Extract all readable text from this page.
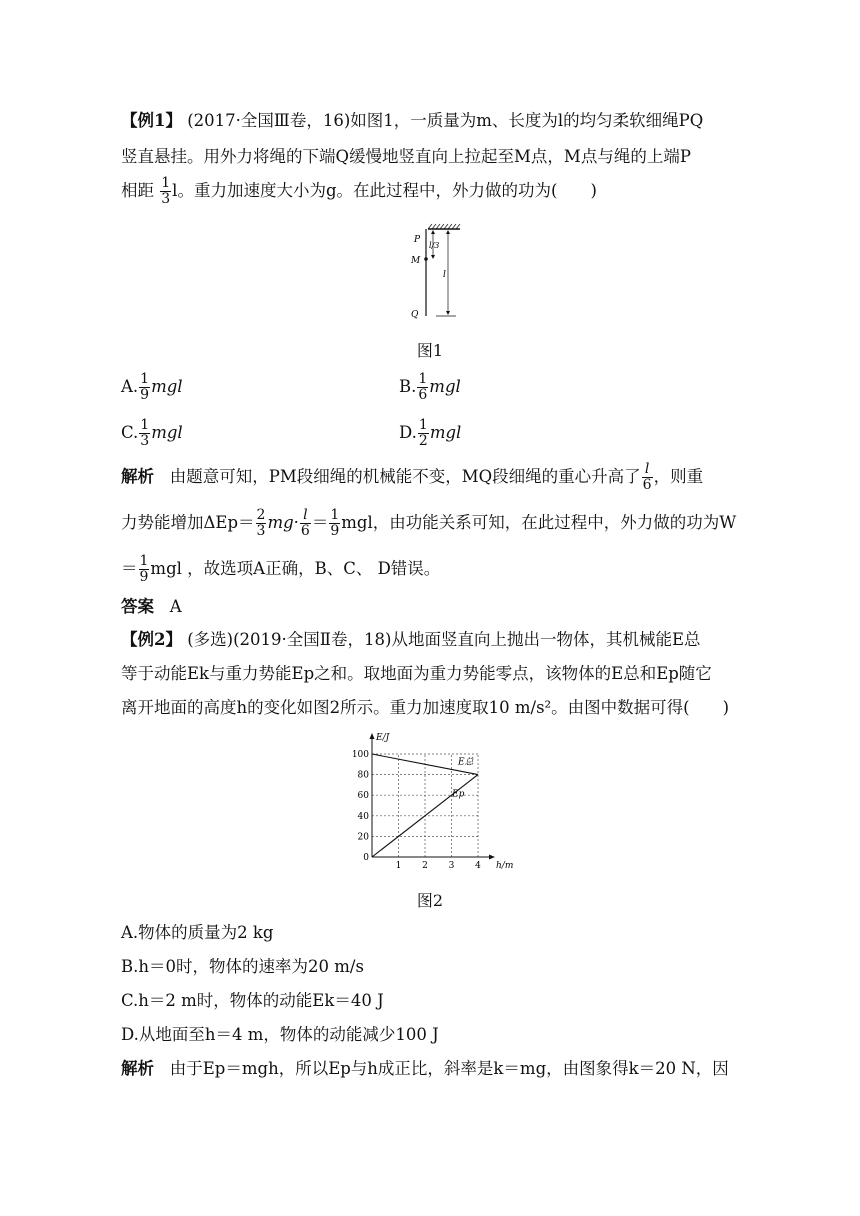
【例1】 (2017·全国Ⅲ卷，16)如图1，一质量为m、长度为l的均匀柔软细绳PQ
竖直悬挂。用外力将绳的下端Q缓慢地竖直向上拉起至M点，M点与绳的上端P
相距 $\frac{1}{3}$ l。重力加速度大小为g。在此过程中，外力做的功为(　　)
P
M
Q
l/3
l
图1
A. $\frac{1}{9}$ mgl	B. $\frac{1}{6}$ mgl
C. $\frac{1}{3}$ mgl	D. $\frac{1}{2}$ mgl
解析 由题意可知，PM段细绳的机械能不变，MQ段细绳的重心升高了 $\frac{l}{6}$ ，则重
力势能增加$\Delta Ep= \frac{2}{3} mg\cdot \frac{l}{6} = \frac{1}{9}$ mgl，由功能关系可知，在此过程中，外力做的功为W
＝ $\frac{1}{9}$ mgl ，故选项A正确，B、C、 D错误。
答案 A
【例2】 (多选)(2019·全国Ⅱ卷，18)从地面竖直向上抛出一物体，其机械能E总
等于动能Ek与重力势能Ep之和。取地面为重力势能零点，该物体的E总和Ep随它
离开地面的高度h的变化如图2所示。重力加速度取10 m/s²。由图中数据可得(　　)
20
40
60
80
100
1 2 3 4
0
E/J
h/m
E总
Ep
图2
A.物体的质量为2 kg
B.h＝0时，物体的速率为20 m/s
C.h＝2 m时，物体的动能Ek＝40 J
D.从地面至h＝4 m，物体的动能减少100 J
解析 由于Ep＝mgh，所以Ep与h成正比，斜率是k＝mg，由图象得k＝20 N，因
